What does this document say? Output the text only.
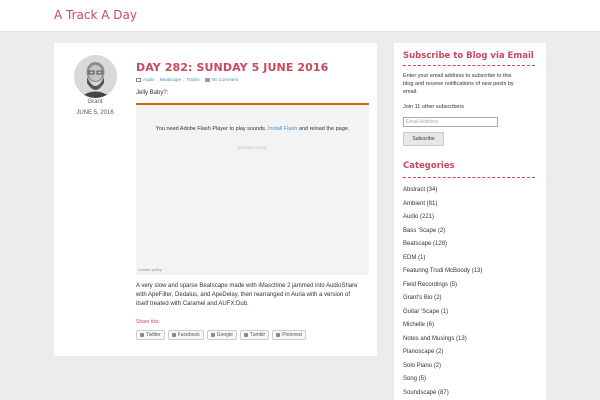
A Track A Day
Grant
JUNE 5, 2016
DAY 282: SUNDAY 5 JUNE 2016
Audio , Beatscape , Tracks	No Comment

Jelly Baby?:

You need Adobe Flash Player to play sounds. Install Flash and reload the page.
SOUNDCLOUD
Cookie policy

A very slow and sparse Beatscape made with iMaschine 2 jammed into AudioShare

with ApeFilter, Dedalus, and ApeDelay, then rearranged in Auria with a version of

itself treated with Caramel and AUFX:Dub.

Share this:
Twitter	Facebook	Google	Tumblr	Pinterest
Subscribe to Blog via Email

Enter your email address to subscribe to this

blog and receive notifications of new posts by

email.

Join 11 other subscribers

Email Address
Subscribe
Categories
Abstract (34)
Ambient (81)
Audio (221)
Bass 'Scape (2)
Beatscape (128)
EDM (1)
Featuring Trudi McBoody (13)
Field Recordings (5)
Grant's Bio (2)
Guitar 'Scape (1)
Michelle (6)
Notes and Musings (13)
Pianoscape (2)
Solo Piano (2)
Song (5)
Soundscape (87)
